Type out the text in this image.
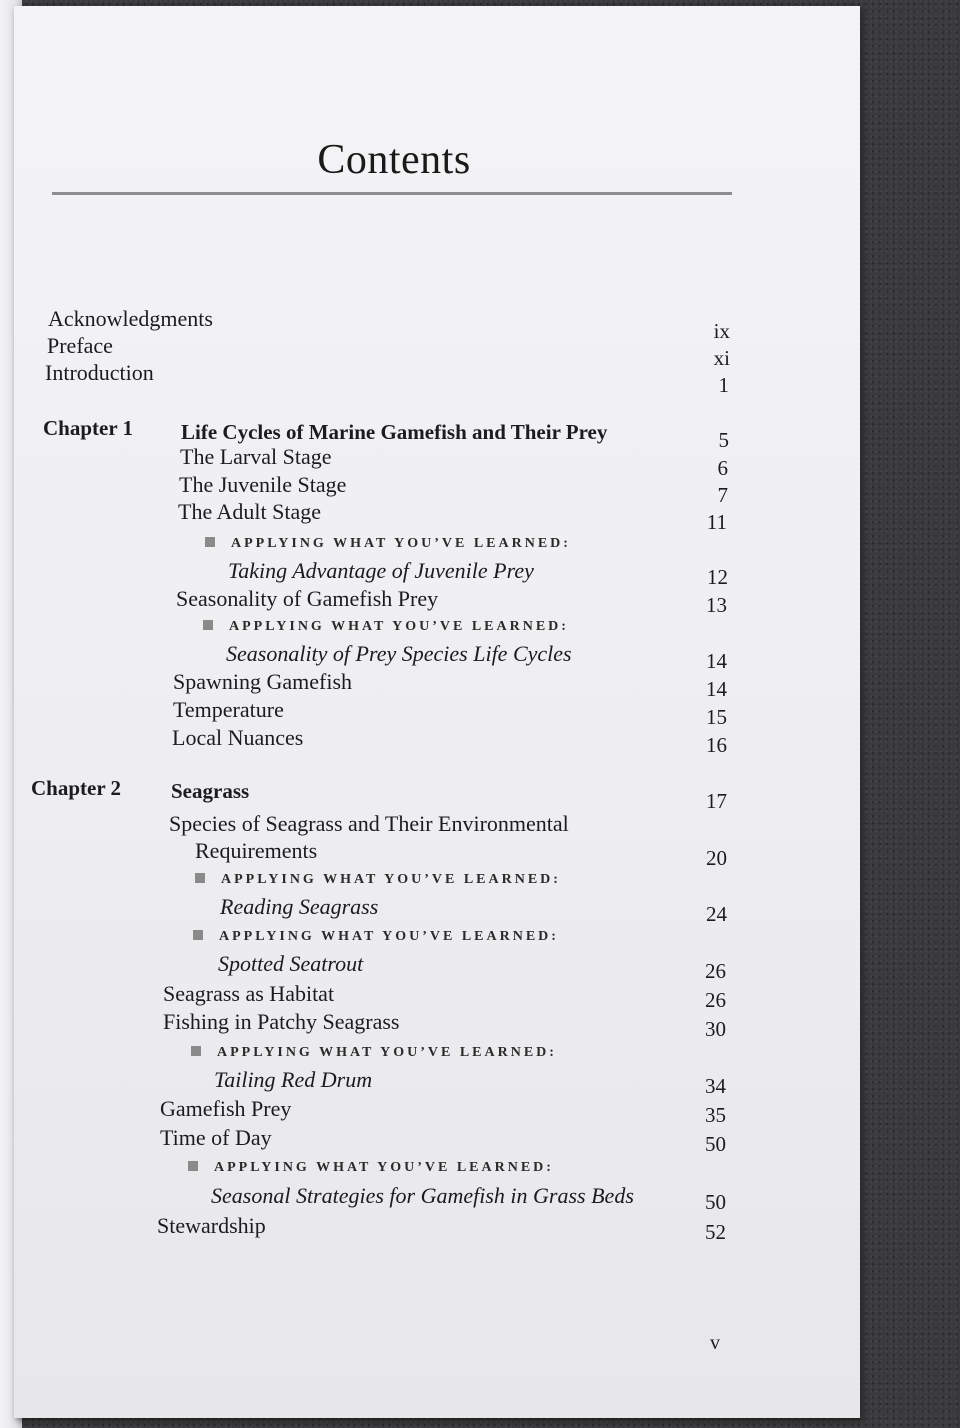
Contents
Acknowledgments	ix
Preface	xi
Introduction	1
Chapter 1 Life Cycles of Marine Gamefish and Their Prey	5
The Larval Stage	6
The Juvenile Stage	7
The Adult Stage	11
APPLYING WHAT YOU’VE LEARNED:
Taking Advantage of Juvenile Prey	12
Seasonality of Gamefish Prey	13
APPLYING WHAT YOU’VE LEARNED:
Seasonality of Prey Species Life Cycles	14
Spawning Gamefish	14
Temperature	15
Local Nuances	16
Chapter 2 Seagrass	17
Species of Seagrass and Their Environmental
Requirements	20
APPLYING WHAT YOU’VE LEARNED:
Reading Seagrass	24
APPLYING WHAT YOU’VE LEARNED:
Spotted Seatrout	26
Seagrass as Habitat	26
Fishing in Patchy Seagrass	30
APPLYING WHAT YOU’VE LEARNED:
Tailing Red Drum	34
Gamefish Prey	35
Time of Day	50
APPLYING WHAT YOU’VE LEARNED:
Seasonal Strategies for Gamefish in Grass Beds	50
Stewardship	52
v
